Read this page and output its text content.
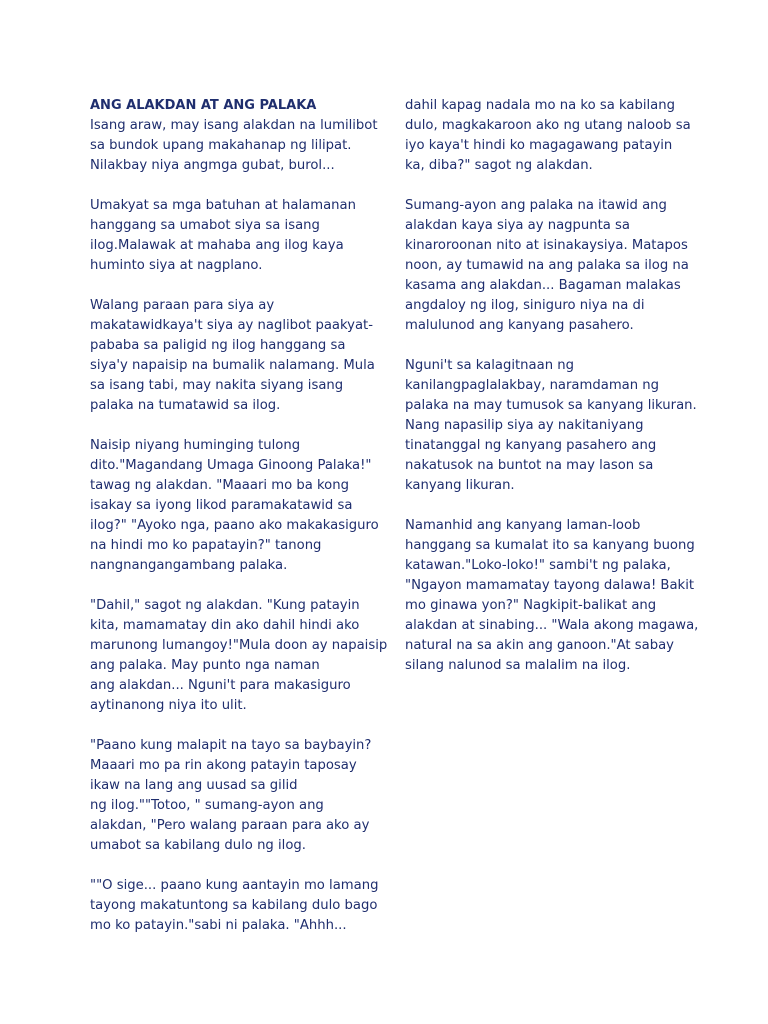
ANG ALAKDAN AT ANG PALAKA
Isang araw, may isang alakdan na lumilibot
sa bundok upang makahanap ng lilipat.
Nilakbay niya angmga gubat, burol...
Umakyat sa mga batuhan at halamanan
hanggang sa umabot siya sa isang
ilog.Malawak at mahaba ang ilog kaya
huminto siya at nagplano.
Walang paraan para siya ay
makatawidkaya't siya ay naglibot paakyat-
pababa sa paligid ng ilog hanggang sa
siya'y napaisip na bumalik nalamang. Mula
sa isang tabi, may nakita siyang isang
palaka na tumatawid sa ilog.
Naisip niyang huminging tulong
dito."Magandang Umaga Ginoong Palaka!"
tawag ng alakdan. "Maaari mo ba kong
isakay sa iyong likod paramakatawid sa
ilog?" "Ayoko nga, paano ako makakasiguro
na hindi mo ko papatayin?" tanong
nangnangangambang palaka.
"Dahil," sagot ng alakdan. "Kung patayin
kita, mamamatay din ako dahil hindi ako
marunong lumangoy!"Mula doon ay napaisip
ang palaka. May punto nga naman
ang alakdan... Nguni't para makasiguro
aytinanong niya ito ulit.
"Paano kung malapit na tayo sa baybayin?
Maaari mo pa rin akong patayin taposay
ikaw na lang ang uusad sa gilid
ng ilog.""Totoo, " sumang-ayon ang
alakdan, "Pero walang paraan para ako ay
umabot sa kabilang dulo ng ilog.
""O sige... paano kung aantayin mo lamang
tayong makatuntong sa kabilang dulo bago
mo ko patayin."sabi ni palaka. "Ahhh...
dahil kapag nadala mo na ko sa kabilang
dulo, magkakaroon ako ng utang naloob sa
iyo kaya't hindi ko magagawang patayin
ka, diba?" sagot ng alakdan.
Sumang-ayon ang palaka na itawid ang
alakdan kaya siya ay nagpunta sa
kinaroroonan nito at isinakaysiya. Matapos
noon, ay tumawid na ang palaka sa ilog na
kasama ang alakdan... Bagaman malakas
angdaloy ng ilog, siniguro niya na di
malulunod ang kanyang pasahero.
Nguni't sa kalagitnaan ng
kanilangpaglalakbay, naramdaman ng
palaka na may tumusok sa kanyang likuran.
Nang napasilip siya ay nakitaniyang
tinatanggal ng kanyang pasahero ang
nakatusok na buntot na may lason sa
kanyang likuran.
Namanhid ang kanyang laman-loob
hanggang sa kumalat ito sa kanyang buong
katawan."Loko-loko!" sambi't ng palaka,
"Ngayon mamamatay tayong dalawa! Bakit
mo ginawa yon?" Nagkipit-balikat ang
alakdan at sinabing... "Wala akong magawa,
natural na sa akin ang ganoon."At sabay
silang nalunod sa malalim na ilog.
